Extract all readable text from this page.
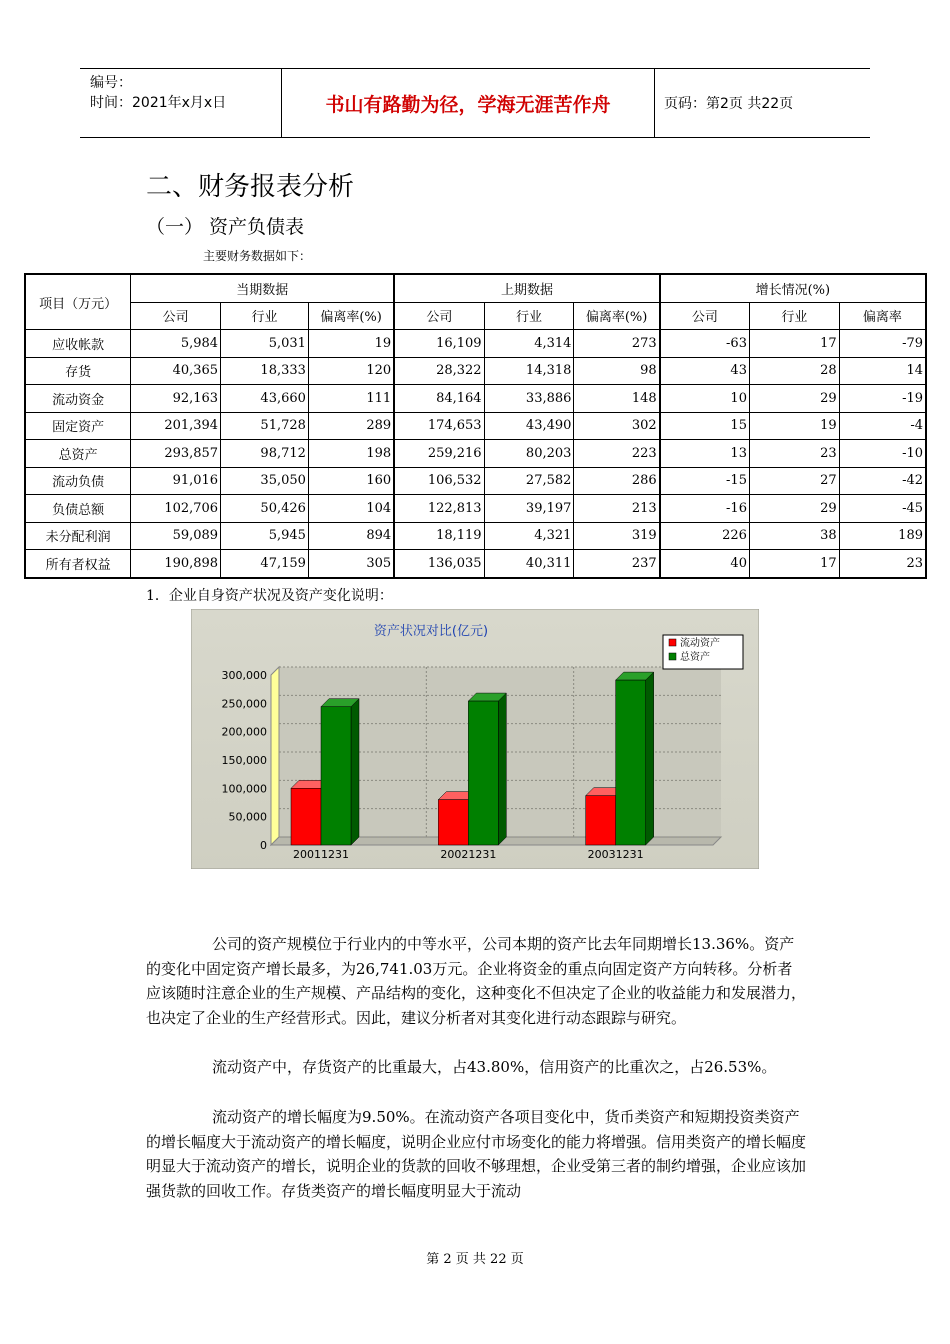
编号：
时间：2021年x月x日	书山有路勤为径，学海无涯苦作舟	页码：第2页 共22页
二、财务报表分析
（一） 资产负债表
主要财务数据如下：
项目（万元）	当期数据			上期数据			增长情况(%)		
	公司	行业	偏离率(%)	公司	行业	偏离率(%)	公司	行业	偏离率
应收帐款	5,984	5,031	19	16,109	4,314	273	-63	17	-79
存货	40,365	18,333	120	28,322	14,318	98	43	28	14
流动资金	92,163	43,660	111	84,164	33,886	148	10	29	-19
固定资产	201,394	51,728	289	174,653	43,490	302	15	19	-4
总资产	293,857	98,712	198	259,216	80,203	223	13	23	-10
流动负债	91,016	35,050	160	106,532	27,582	286	-15	27	-42
负债总额	102,706	50,426	104	122,813	39,197	213	-16	29	-45
未分配利润	59,089	5,945	894	18,119	4,321	319	226	38	189
所有者权益	190,898	47,159	305	136,035	40,311	237	40	17	23
1．企业自身资产状况及资产变化说明：
资产状况对比(亿元)
0
50,000
100,000
150,000
200,000
250,000
300,000
20011231	20021231	20031231
流动资产
总资产
公司的资产规模位于行业内的中等水平，公司本期的资产比去年同期增长13.36%。资产的变化中固定资产增长最多，为26,741.03万元。企业将资金的重点向固定资产方向转移。分析者应该随时注意企业的生产规模、产品结构的变化，这种变化不但决定了企业的收益能力和发展潜力，也决定了企业的生产经营形式。因此，建议分析者对其变化进行动态跟踪与研究。
流动资产中，存货资产的比重最大，占43.80%，信用资产的比重次之，占26.53%。
流动资产的增长幅度为9.50%。在流动资产各项目变化中，货币类资产和短期投资类资产的增长幅度大于流动资产的增长幅度，说明企业应付市场变化的能力将增强。信用类资产的增长幅度明显大于流动资产的增长，说明企业的货款的回收不够理想，企业受第三者的制约增强，企业应该加强货款的回收工作。存货类资产的增长幅度明显大于流动
第 2 页 共 22 页
